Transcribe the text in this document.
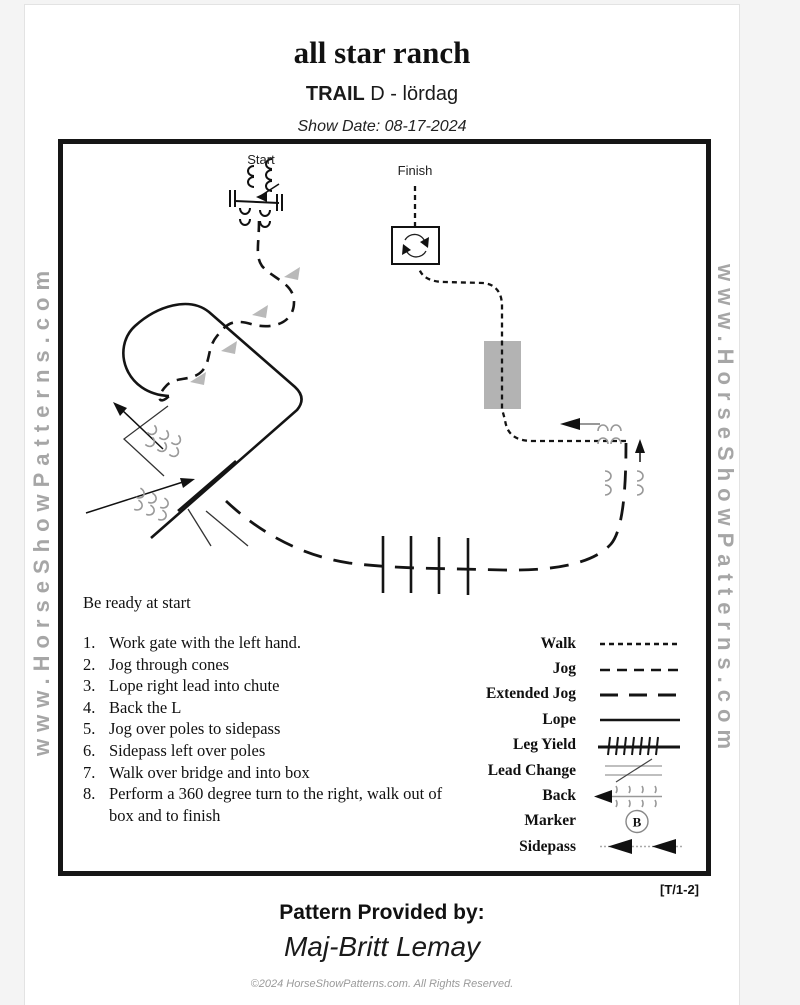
all star ranch
TRAIL D - lördag
Show Date: 08-17-2024
www.HorseShowPatterns.com	www.HorseShowPatterns.com
Start
Finish
Be ready at start
1. Work gate with the left hand.
2. Jog through cones
3. Lope right lead into chute
4. Back the L
5. Jog over poles to sidepass
6. Sidepass left over poles
7. Walk over bridge and into box
8. Perform a 360 degree turn to the right, walk out of box and to finish
Walk
Jog
Extended Jog
Lope
Leg Yield
Lead Change
Back
Marker	B
Sidepass
[T/1-2]
Pattern Provided by:
Maj-Britt Lemay
©2024 HorseShowPatterns.com. All Rights Reserved.
